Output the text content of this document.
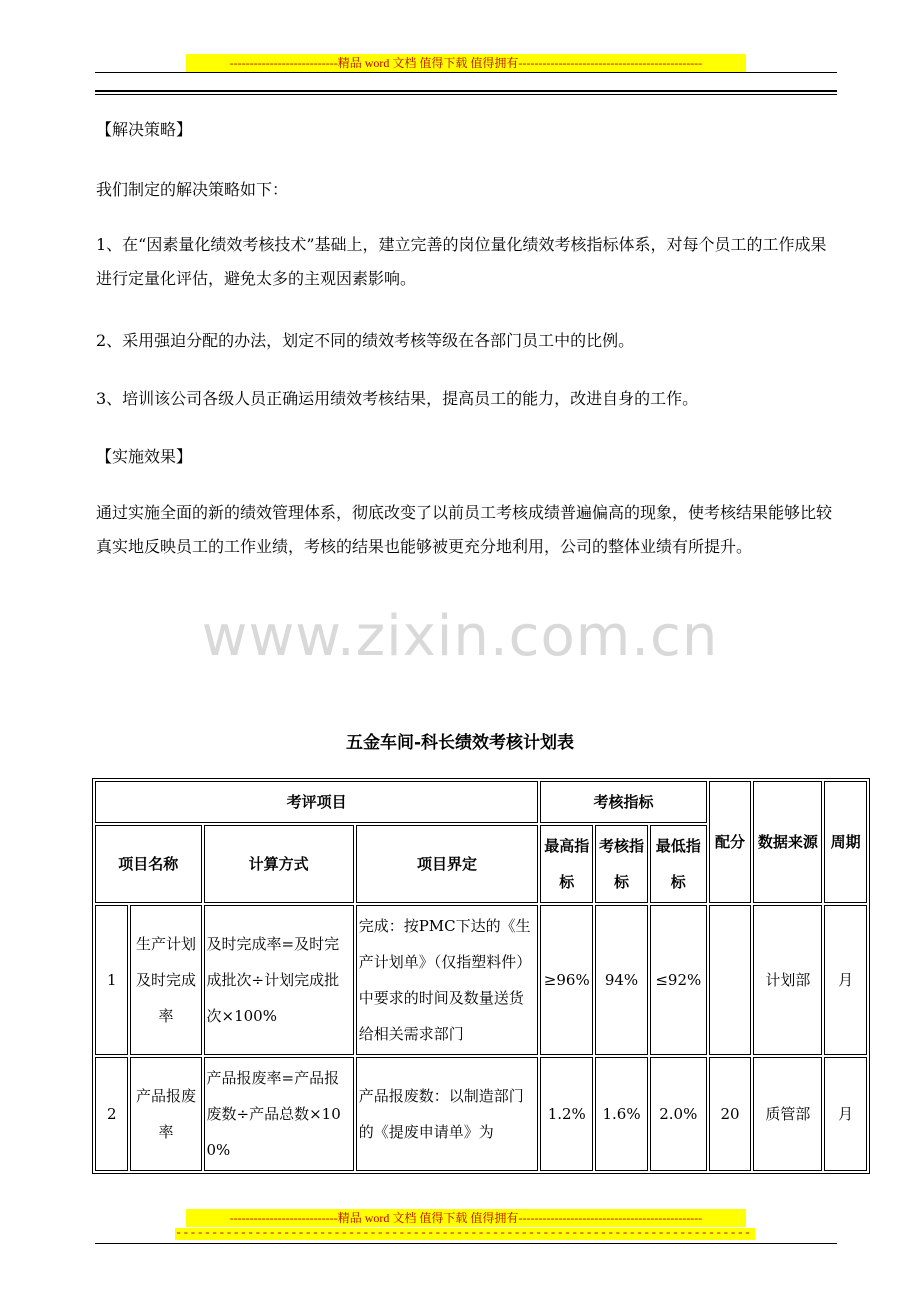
---------------------------精品 word 文档 值得下载 值得拥有----------------------------------------------

【解决策略】

我们制定的解决策略如下：

1、在“因素量化绩效考核技术”基础上，建立完善的岗位量化绩效考核指标体系，对每个员工的工作成果进行定量化评估，避免太多的主观因素影响。

2、采用强迫分配的办法，划定不同的绩效考核等级在各部门员工中的比例。

3、培训该公司各级人员正确运用绩效考核结果，提高员工的能力，改进自身的工作。

【实施效果】

通过实施全面的新的绩效管理体系，彻底改变了以前员工考核成绩普遍偏高的现象，使考核结果能够比较真实地反映员工的工作业绩，考核的结果也能够被更充分地利用，公司的整体业绩有所提升。

www.zixin.com.cn
五金车间-科长绩效考核计划表
考评项目				考核指标			配分	数据来源	周期
项目名称		计算方式	项目界定	最高指标	考核指标	最低指标			
1	生产计划及时完成率	及时完成率=及时完成批次÷计划完成批次×100%	完成：按PMC下达的《生产计划单》（仅指塑料件）中要求的时间及数量送货给相关需求部门	≥96%	94%	≤92%		计划部	月
2	产品报废率	产品报废率=产品报废数÷产品总数×100%	产品报废数：以制造部门的《提废申请单》为	1.2%	1.6%	2.0%	20	质管部	月
---------------------------精品 word 文档 值得下载 值得拥有----------------------------------------------
--------------------------------------------------------------------------------
